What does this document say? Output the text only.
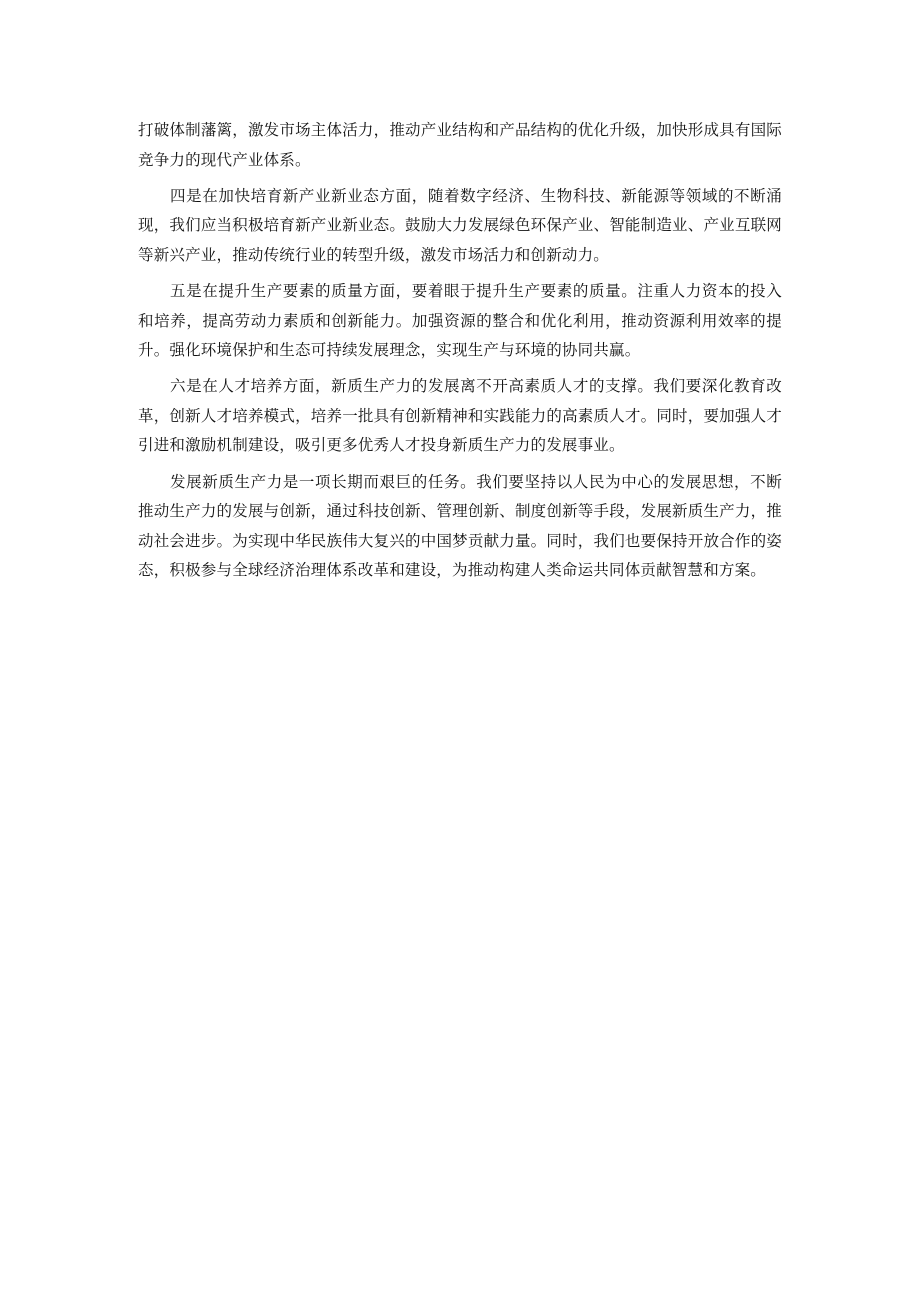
打破体制藩篱，激发市场主体活力，推动产业结构和产品结构的优化升级，加快形成具有国际竞争力的现代产业体系。

四是在加快培育新产业新业态方面，随着数字经济、生物科技、新能源等领域的不断涌现，我们应当积极培育新产业新业态。鼓励大力发展绿色环保产业、智能制造业、产业互联网等新兴产业，推动传统行业的转型升级，激发市场活力和创新动力。

五是在提升生产要素的质量方面，要着眼于提升生产要素的质量。注重人力资本的投入和培养，提高劳动力素质和创新能力。加强资源的整合和优化利用，推动资源利用效率的提升。强化环境保护和生态可持续发展理念，实现生产与环境的协同共赢。

六是在人才培养方面，新质生产力的发展离不开高素质人才的支撑。我们要深化教育改革，创新人才培养模式，培养一批具有创新精神和实践能力的高素质人才。同时，要加强人才引进和激励机制建设，吸引更多优秀人才投身新质生产力的发展事业。

发展新质生产力是一项长期而艰巨的任务。我们要坚持以人民为中心的发展思想，不断推动生产力的发展与创新，通过科技创新、管理创新、制度创新等手段，发展新质生产力，推动社会进步。为实现中华民族伟大复兴的中国梦贡献力量。同时，我们也要保持开放合作的姿态，积极参与全球经济治理体系改革和建设，为推动构建人类命运共同体贡献智慧和方案。
